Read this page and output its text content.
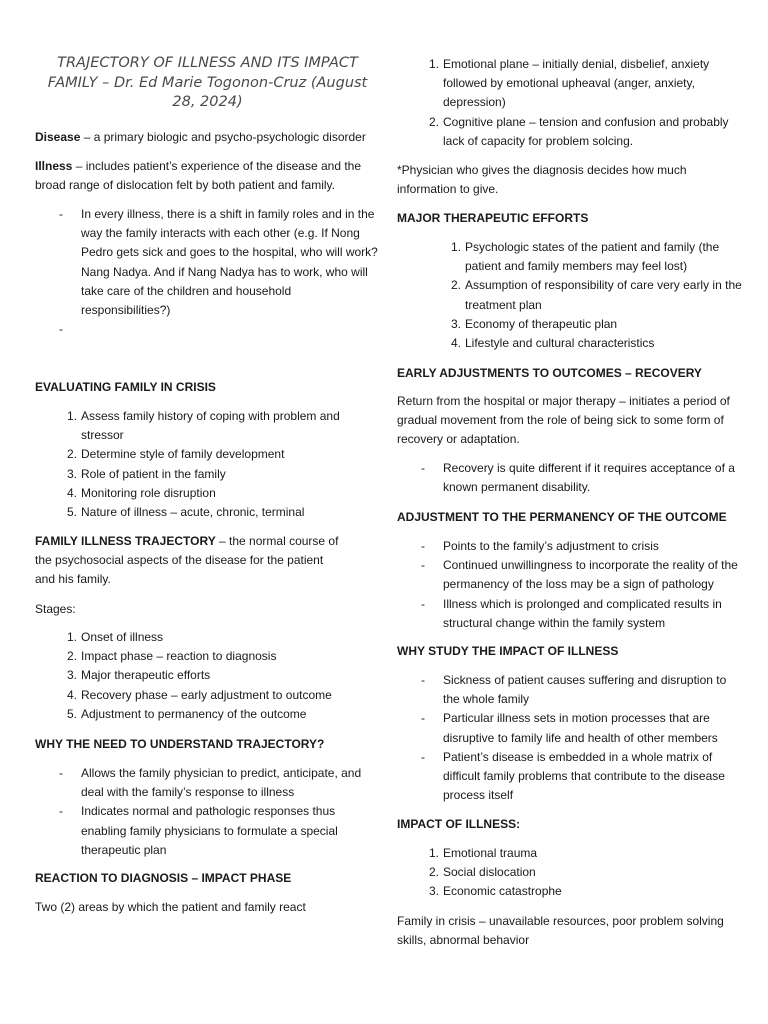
TRAJECTORY OF ILLNESS AND ITS IMPACT FAMILY – Dr. Ed Marie Togonon-Cruz (August 28, 2024)

Disease – a primary biologic and psycho-psychologic disorder

Illness – includes patient’s experience of the disease and the broad range of dislocation felt by both patient and family.

- In every illness, there is a shift in family roles and in the way the family interacts with each other (e.g. If Nong Pedro gets sick and goes to the hospital, who will work? Nang Nadya. And if Nang Nadya has to work, who will take care of the children and household responsibilities?)
-

EVALUATING FAMILY IN CRISIS

1. Assess family history of coping with problem and stressor
2. Determine style of family development
3. Role of patient in the family
4. Monitoring role disruption
5. Nature of illness – acute, chronic, terminal

FAMILY ILLNESS TRAJECTORY – the normal course of the psychosocial aspects of the disease for the patient and his family.

Stages:

1. Onset of illness
2. Impact phase – reaction to diagnosis
3. Major therapeutic efforts
4. Recovery phase – early adjustment to outcome
5. Adjustment to permanency of the outcome

WHY THE NEED TO UNDERSTAND TRAJECTORY?

- Allows the family physician to predict, anticipate, and deal with the family’s response to illness
- Indicates normal and pathologic responses thus enabling family physicians to formulate a special therapeutic plan

REACTION TO DIAGNOSIS – IMPACT PHASE

Two (2) areas by which the patient and family react

1. Emotional plane – initially denial, disbelief, anxiety followed by emotional upheaval (anger, anxiety, depression)
2. Cognitive plane – tension and confusion and probably lack of capacity for problem solcing.

*Physician who gives the diagnosis decides how much information to give.

MAJOR THERAPEUTIC EFFORTS

1. Psychologic states of the patient and family (the patient and family members may feel lost)
2. Assumption of responsibility of care very early in the treatment plan
3. Economy of therapeutic plan
4. Lifestyle and cultural characteristics

EARLY ADJUSTMENTS TO OUTCOMES – RECOVERY

Return from the hospital or major therapy – initiates a period of gradual movement from the role of being sick to some form of recovery or adaptation.

- Recovery is quite different if it requires acceptance of a known permanent disability.

ADJUSTMENT TO THE PERMANENCY OF THE OUTCOME

- Points to the family’s adjustment to crisis
- Continued unwillingness to incorporate the reality of the permanency of the loss may be a sign of pathology
- Illness which is prolonged and complicated results in structural change within the family system

WHY STUDY THE IMPACT OF ILLNESS

- Sickness of patient causes suffering and disruption to the whole family
- Particular illness sets in motion processes that are disruptive to family life and health of other members
- Patient’s disease is embedded in a whole matrix of difficult family problems that contribute to the disease process itself

IMPACT OF ILLNESS:

1. Emotional trauma
2. Social dislocation
3. Economic catastrophe

Family in crisis – unavailable resources, poor problem solving skills, abnormal behavior
